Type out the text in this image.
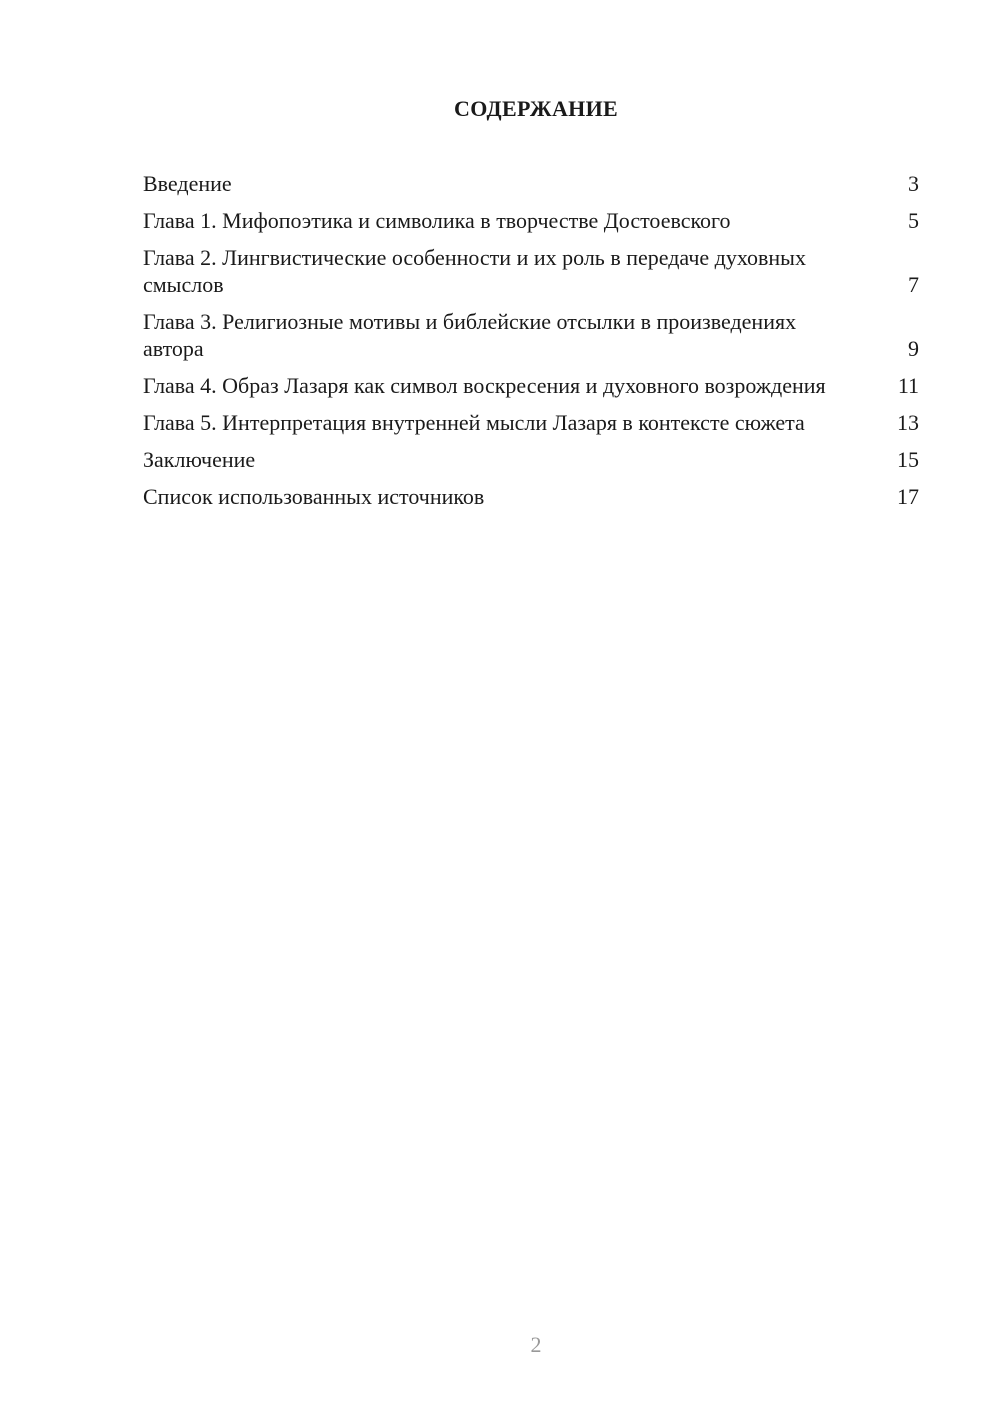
СОДЕРЖАНИЕ
Введение	3
Глава 1. Мифопоэтика и символика в творчестве Достоевского	5
Глава 2. Лингвистические особенности и их роль в передаче духовных смыслов	7
Глава 3. Религиозные мотивы и библейские отсылки в произведениях автора	9
Глава 4. Образ Лазаря как символ воскресения и духовного возрождения	11
Глава 5. Интерпретация внутренней мысли Лазаря в контексте сюжета	13
Заключение	15
Список использованных источников	17
2
